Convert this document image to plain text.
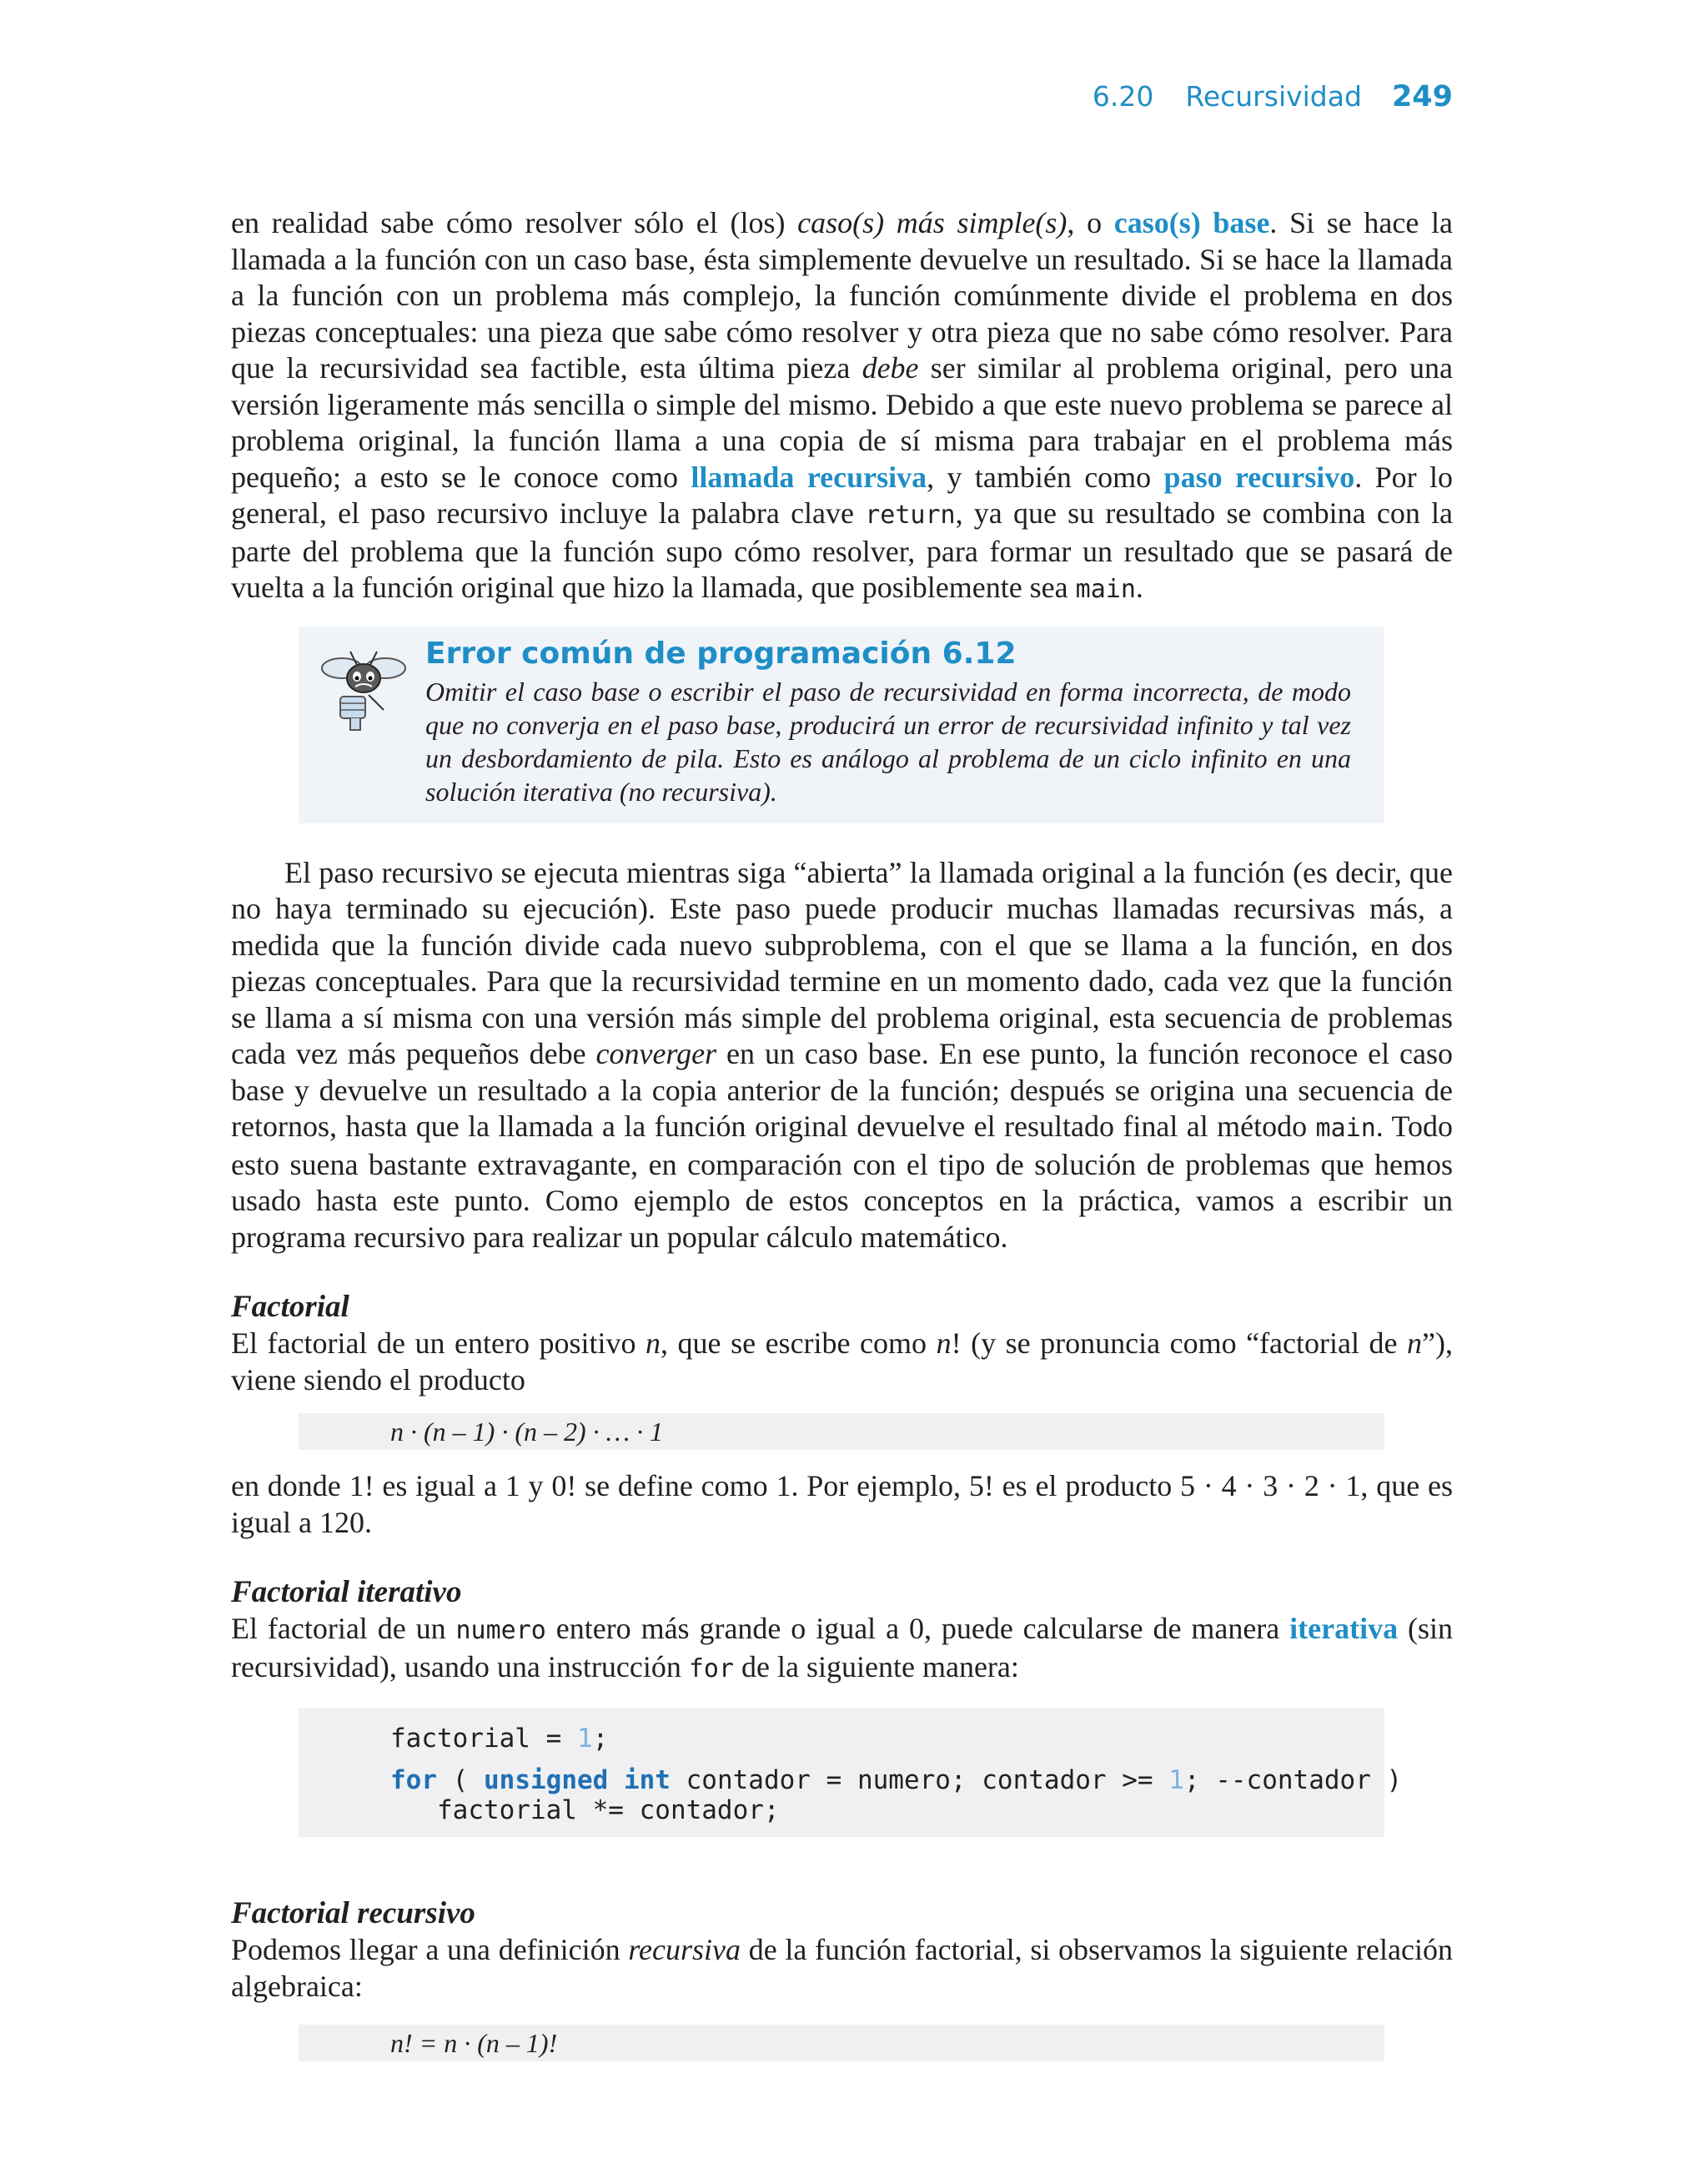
6.20 Recursividad 249

en realidad sabe cómo resolver sólo el (los) caso(s) más simple(s), o caso(s) base. Si se hace la llamada a la función con un caso base, ésta simplemente devuelve un resultado. Si se hace la llamada a la función con un problema más complejo, la función comúnmente divide el problema en dos piezas conceptuales: una pieza que sabe cómo resolver y otra pieza que no sabe cómo resolver. Para que la recursividad sea factible, esta última pieza debe ser similar al problema original, pero una versión ligeramente más sencilla o simple del mismo. Debido a que este nuevo problema se parece al problema original, la función llama a una copia de sí misma para trabajar en el problema más pequeño; a esto se le conoce como llamada recursiva, y también como paso recursivo. Por lo general, el paso recursivo incluye la palabra clave return, ya que su resultado se combina con la parte del problema que la función supo cómo resolver, para formar un resultado que se pasará de vuelta a la función original que hizo la llamada, que posiblemente sea main.

Error común de programación 6.12
Omitir el caso base o escribir el paso de recursividad en forma incorrecta, de modo que no converja en el paso base, producirá un error de recursividad infinito y tal vez un desbordamiento de pila. Esto es análogo al problema de un ciclo infinito en una solución iterativa (no recursiva).

El paso recursivo se ejecuta mientras siga “abierta” la llamada original a la función (es decir, que no haya terminado su ejecución). Este paso puede producir muchas llamadas recursivas más, a medida que la función divide cada nuevo subproblema, con el que se llama a la función, en dos piezas conceptuales. Para que la recursividad termine en un momento dado, cada vez que la función se llama a sí misma con una versión más simple del problema original, esta secuencia de problemas cada vez más pequeños debe converger en un caso base. En ese punto, la función reconoce el caso base y devuelve un resultado a la copia anterior de la función; después se origina una secuencia de retornos, hasta que la llamada a la función original devuelve el resultado final al método main. Todo esto suena bastante extravagante, en comparación con el tipo de solución de problemas que hemos usado hasta este punto. Como ejemplo de estos conceptos en la práctica, vamos a escribir un programa recursivo para realizar un popular cálculo matemático.

Factorial

El factorial de un entero positivo n, que se escribe como n! (y se pronuncia como “factorial de n”), viene siendo el producto

n · (n – 1) · (n – 2) · … · 1

en donde 1! es igual a 1 y 0! se define como 1. Por ejemplo, 5! es el producto 5 · 4 · 3 · 2 · 1, que es igual a 120.

Factorial iterativo

El factorial de un numero entero más grande o igual a 0, puede calcularse de manera iterativa (sin recursividad), usando una instrucción for de la siguiente manera:

factorial = 1;
for ( unsigned int contador = numero; contador >= 1; --contador )
factorial *= contador;
Factorial recursivo

Podemos llegar a una definición recursiva de la función factorial, si observamos la siguiente relación algebraica:

n! = n · (n – 1)!
